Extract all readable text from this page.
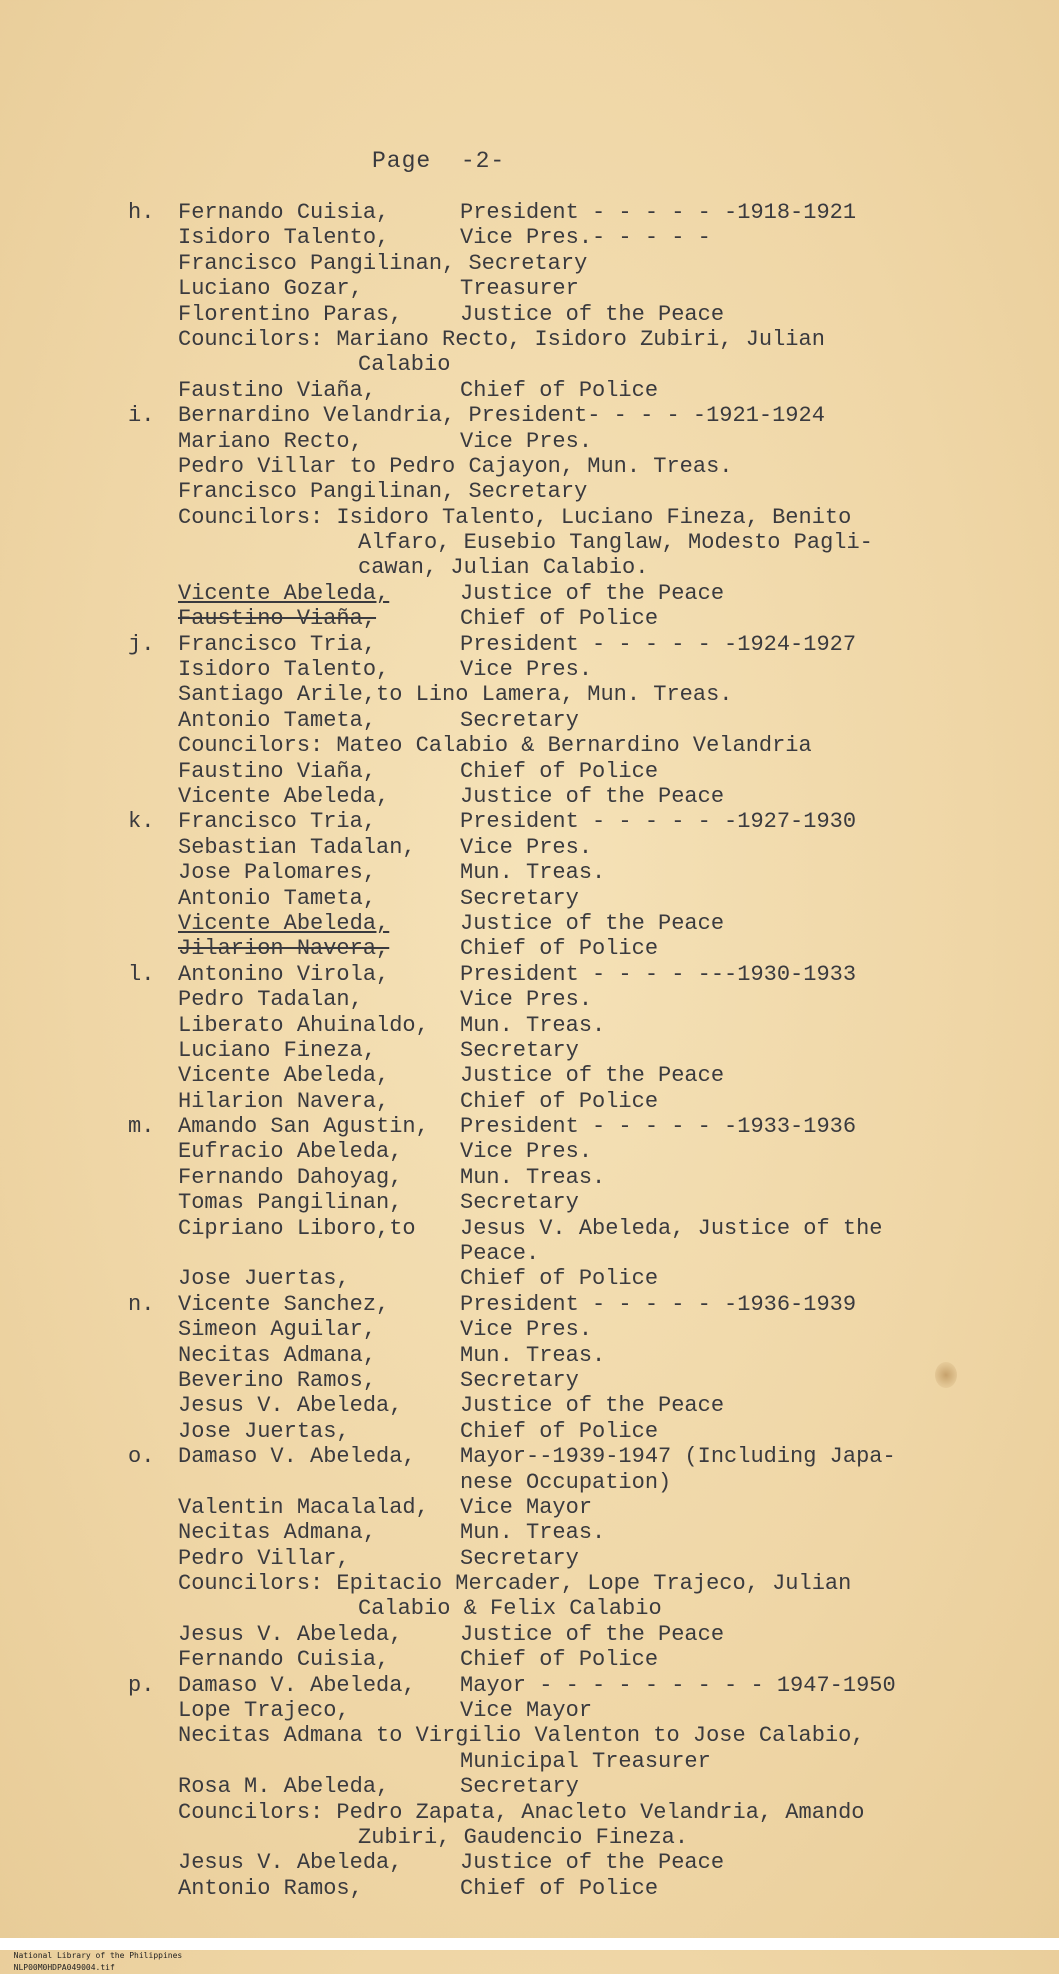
Page  -2-
h. Fernando Cuisia,	President - - - - - -1918-1921
Isidoro Talento,	Vice Pres.- - - - -
Francisco Pangilinan, Secretary
Luciano Gozar,	Treasurer
Florentino Paras,	Justice of the Peace
Councilors: Mariano Recto, Isidoro Zubiri, Julian
Calabio
Faustino Viaña,	Chief of Police
i. Bernardino Velandria, President- - - - -1921-1924
Mariano Recto,	Vice Pres.
Pedro Villar to Pedro Cajayon, Mun. Treas.
Francisco Pangilinan, Secretary
Councilors: Isidoro Talento, Luciano Fineza, Benito
Alfaro, Eusebio Tanglaw, Modesto Pagli-
cawan, Julian Calabio.
Vicente Abeleda,	Justice of the Peace
Faustino Viaña,	Chief of Police
j. Francisco Tria,	President - - - - - -1924-1927
Isidoro Talento,	Vice Pres.
Santiago Arile,to Lino Lamera, Mun. Treas.
Antonio Tameta,	Secretary
Councilors: Mateo Calabio & Bernardino Velandria
Faustino Viaña,	Chief of Police
Vicente Abeleda,	Justice of the Peace
k. Francisco Tria,	President - - - - - -1927-1930
Sebastian Tadalan, Vice Pres.
Jose Palomares,	Mun. Treas.
Antonio Tameta,	Secretary
Vicente Abeleda,	Justice of the Peace
Jilarion Navera,	Chief of Police
l. Antonino Virola,	President - - - - ---1930-1933
Pedro Tadalan,	Vice Pres.
Liberato Ahuinaldo, Mun. Treas.
Luciano Fineza,	Secretary
Vicente Abeleda,	Justice of the Peace
Hilarion Navera,	Chief of Police
m. Amando San Agustin, President - - - - - -1933-1936
Eufracio Abeleda,	Vice Pres.
Fernando Dahoyag,	Mun. Treas.
Tomas Pangilinan,	Secretary
Cipriano Liboro,to Jesus V. Abeleda, Justice of the
Peace.
Jose Juertas,	Chief of Police
n. Vicente Sanchez,	President - - - - - -1936-1939
Simeon Aguilar,	Vice Pres.
Necitas Admana,	Mun. Treas.
Beverino Ramos,	Secretary
Jesus V. Abeleda,	Justice of the Peace
Jose Juertas,	Chief of Police
o. Damaso V. Abeleda, Mayor--1939-1947 (Including Japa-
nese Occupation)
Valentin Macalalad, Vice Mayor
Necitas Admana,	Mun. Treas.
Pedro Villar,	Secretary
Councilors: Epitacio Mercader, Lope Trajeco, Julian
Calabio & Felix Calabio
Jesus V. Abeleda,	Justice of the Peace
Fernando Cuisia,	Chief of Police
p. Damaso V. Abeleda, Mayor - - - - - - - - - 1947-1950
Lope Trajeco,	Vice Mayor
Necitas Admana to Virgilio Valenton to Jose Calabio,
Municipal Treasurer
Rosa M. Abeleda,	Secretary
Councilors: Pedro Zapata, Anacleto Velandria, Amando
Zubiri, Gaudencio Fineza.
Jesus V. Abeleda,	Justice of the Peace
Antonio Ramos,	Chief of Police

National Library of the Philippines
NLP00M0HDPA049004.tif
